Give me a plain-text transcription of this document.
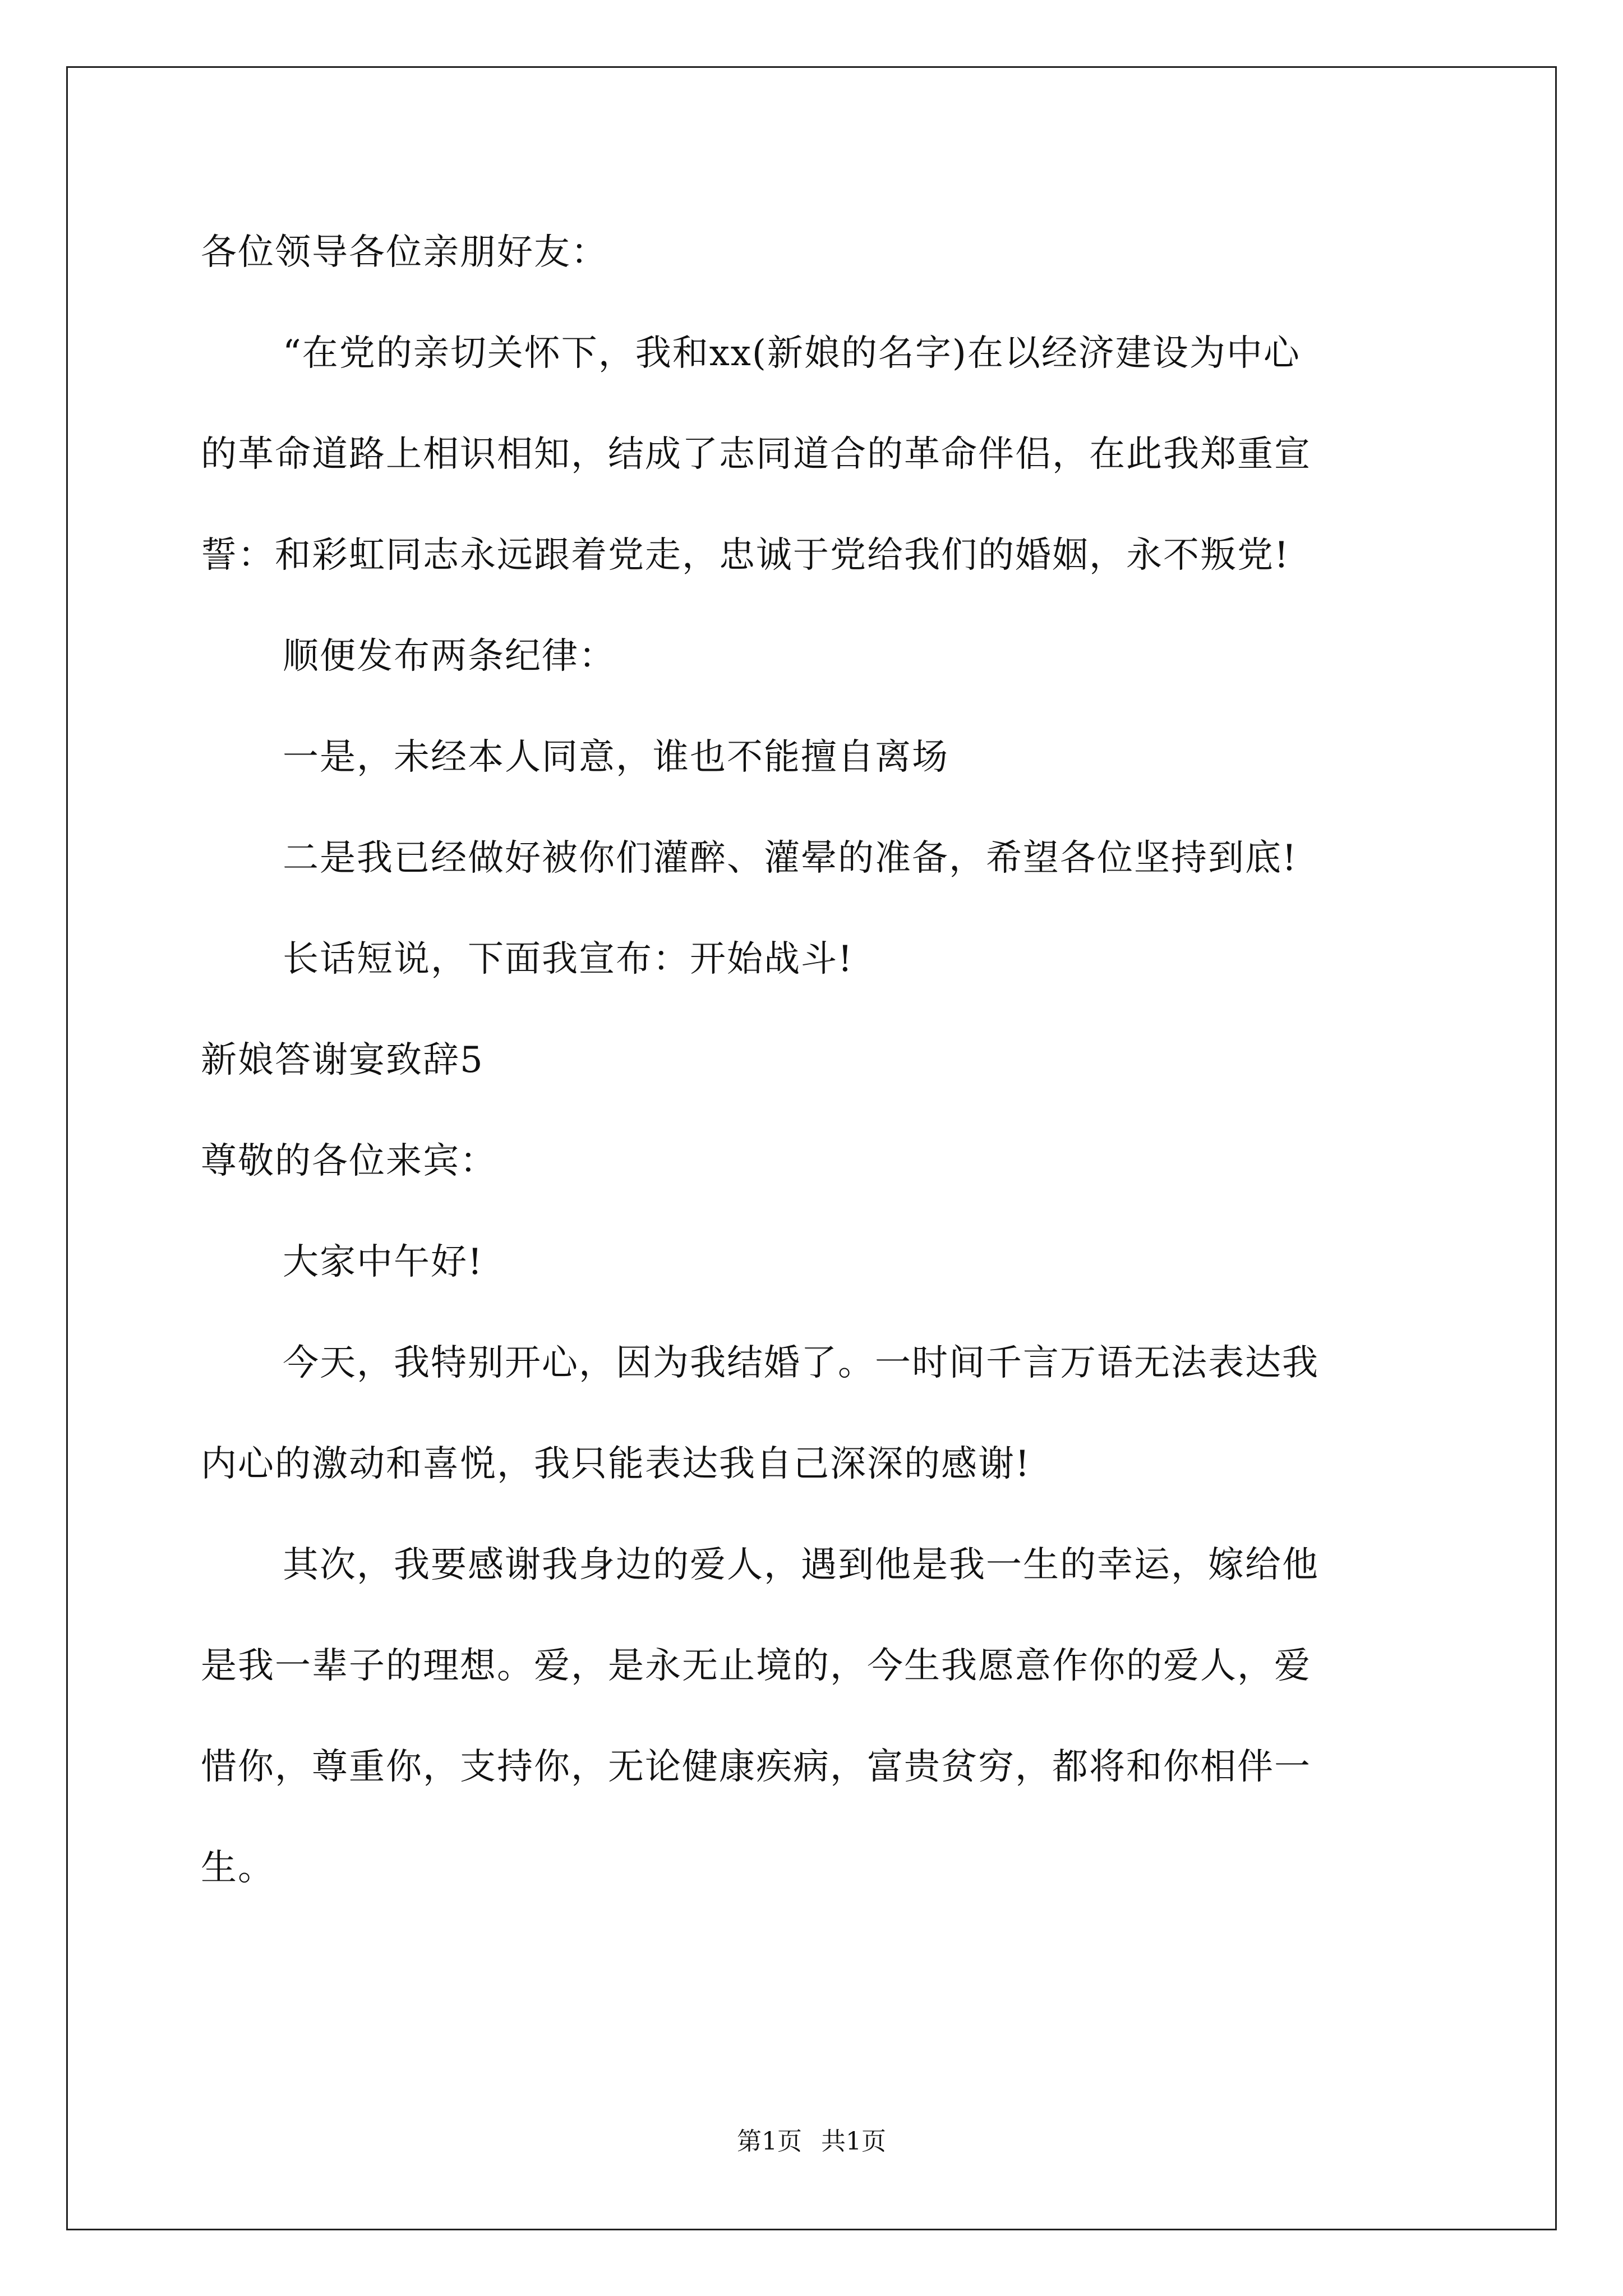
各位领导各位亲朋好友：
“在党的亲切关怀下，我和xx(新娘的名字)在以经济建设为中心
的革命道路上相识相知，结成了志同道合的革命伴侣，在此我郑重宣
誓：和彩虹同志永远跟着党走，忠诚于党给我们的婚姻，永不叛党!
顺便发布两条纪律：
一是，未经本人同意，谁也不能擅自离场
二是我已经做好被你们灌醉、灌晕的准备，希望各位坚持到底!
长话短说，下面我宣布：开始战斗!
新娘答谢宴致辞5
尊敬的各位来宾：
大家中午好!
今天，我特别开心，因为我结婚了。一时间千言万语无法表达我
内心的激动和喜悦，我只能表达我自己深深的感谢!
其次，我要感谢我身边的爱人，遇到他是我一生的幸运，嫁给他
是我一辈子的理想。爱，是永无止境的，今生我愿意作你的爱人，爱
惜你，尊重你，支持你，无论健康疾病，富贵贫穷，都将和你相伴一
生。
第1页 共1页
